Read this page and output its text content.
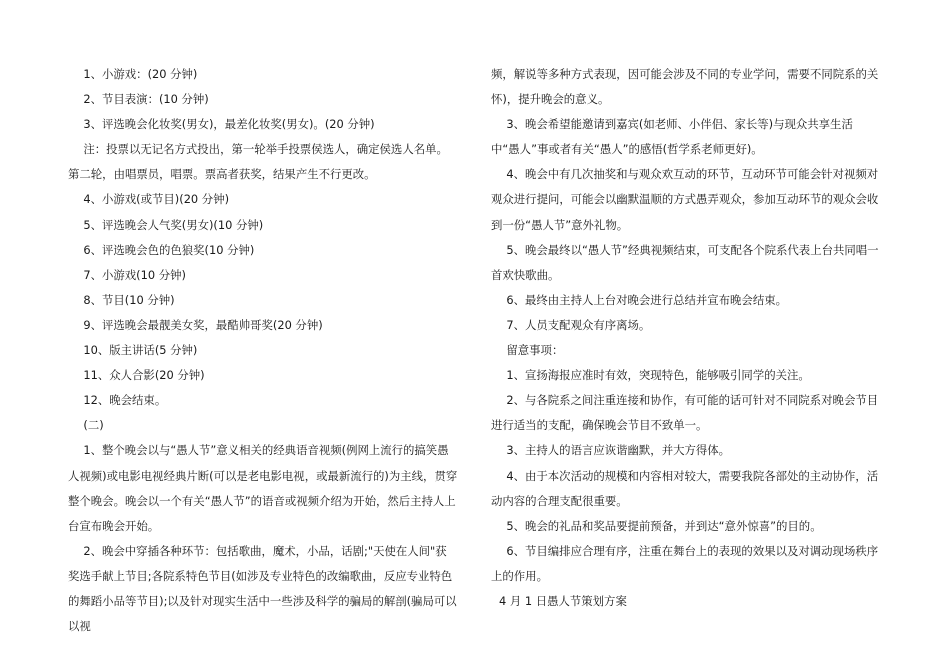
1、小游戏：(20 分钟)

2、节目表演：(10 分钟)

3、评选晚会化妆奖(男女)，最差化妆奖(男女)。(20 分钟)

注：投票以无记名方式投出，第一轮举手投票侯选人，确定侯选人名单。第二轮，由唱票员，唱票。票高者获奖，结果产生不行更改。

4、小游戏(或节目)(20 分钟)

5、评选晚会人气奖(男女)(10 分钟)

6、评选晚会色的色狼奖(10 分钟)

7、小游戏(10 分钟)

8、节目(10 分钟)

9、评选晚会最靓美女奖，最酷帅哥奖(20 分钟)

10、版主讲话(5 分钟)

11、众人合影(20 分钟)

12、晚会结束。

(二)

1、整个晚会以与“愚人节”意义相关的经典语音视频(例网上流行的搞笑愚人视频)或电影电视经典片断(可以是老电影电视，或最新流行的)为主线，贯穿整个晚会。晚会以一个有关“愚人节”的语音或视频介绍为开始，然后主持人上台宣布晚会开始。

2、晚会中穿插各种环节：包括歌曲，魔术，小品，话剧;"天使在人间"获奖选手献上节目;各院系特色节目(如涉及专业特色的改编歌曲，反应专业特色的舞蹈小品等节目);以及针对现实生活中一些涉及科学的骗局的解剖(骗局可以以视

频，解说等多种方式表现，因可能会涉及不同的专业学问，需要不同院系的关怀)，提升晚会的意义。

3、晚会希望能邀请到嘉宾(如老师、小伴侣、家长等)与现众共享生活中“愚人”事或者有关“愚人”的感悟(哲学系老师更好)。

4、晚会中有几次抽奖和与观众欢互动的环节，互动环节可能会针对视频对观众进行提问，可能会以幽默温顺的方式愚弄观众，参加互动环节的观众会收到一份“愚人节”意外礼物。

5、晚会最终以“愚人节”经典视频结束，可支配各个院系代表上台共同唱一首欢快歌曲。

6、最终由主持人上台对晚会进行总结并宣布晚会结束。

7、人员支配观众有序离场。

留意事项：

1、宣扬海报应准时有效，突现特色，能够吸引同学的关注。

2、与各院系之间注重连接和协作，有可能的话可针对不同院系对晚会节目进行适当的支配，确保晚会节目不致单一。

3、主持人的语言应诙谐幽默，并大方得体。

4、由于本次活动的规模和内容相对较大，需要我院各部处的主动协作，活动内容的合理支配很重要。

5、晚会的礼品和奖品要提前预备，并到达“意外惊喜”的目的。

6、节目编排应合理有序，注重在舞台上的表现的效果以及对调动现场秩序上的作用。

4 月 1 日愚人节策划方案
